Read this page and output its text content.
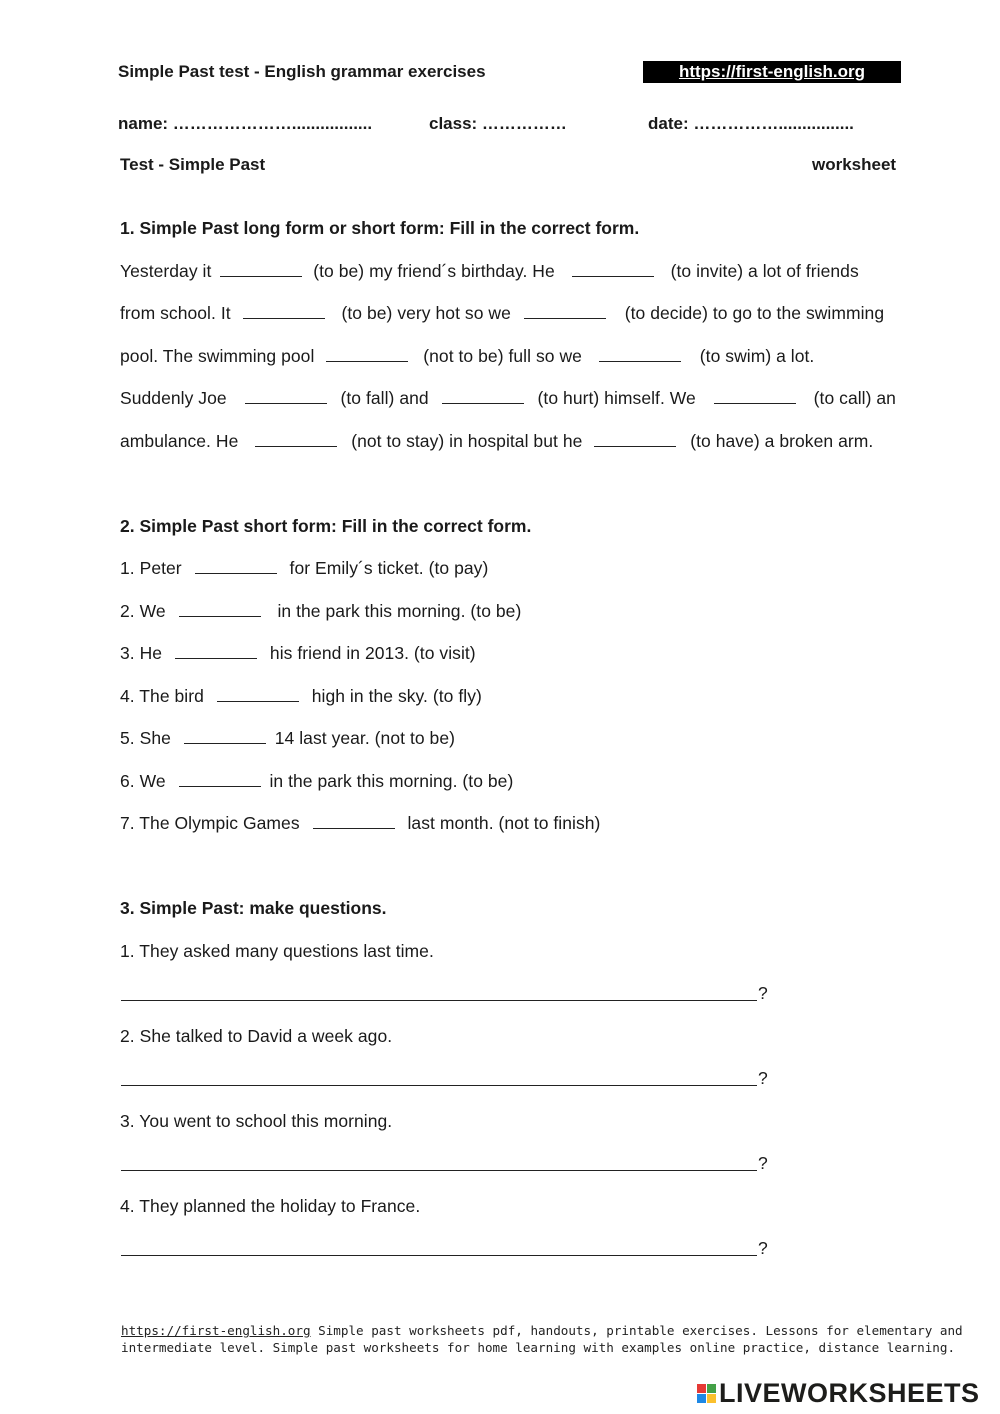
Simple Past test - English grammar exercises	https://first-english.org
name: ………………….................	class: ……………	date: ……………................
Test - Simple Past	worksheet
1. Simple Past long form or short form: Fill in the correct form.
Yesterday it	(to be) my friend´s birthday. He	(to invite) a lot of friends
from school. It	(to be) very hot so we	(to decide) to go to the swimming
pool. The swimming pool	(not to be) full so we	(to swim) a lot.
Suddenly Joe	(to fall) and	(to hurt) himself. We	(to call) an
ambulance. He	(not to stay) in hospital but he	(to have) a broken arm.
2. Simple Past short form: Fill in the correct form.
1. Peter	for Emily´s ticket. (to pay)
2. We	in the park this morning. (to be)
3. He	his friend in 2013. (to visit)
4. The bird	high in the sky. (to fly)
5. She	14 last year. (not to be)
6. We	in the park this morning. (to be)
7. The Olympic Games	last month. (not to finish)
3. Simple Past: make questions.
1. They asked many questions last time.
?
2. She talked to David a week ago.
?
3. You went to school this morning.
?
4. They planned the holiday to France.
?
https://first-english.org Simple past worksheets pdf, handouts, printable exercises. Lessons for elementary and
intermediate level. Simple past worksheets for home learning with examples online practice, distance learning.
LIVEWORKSHEETS
